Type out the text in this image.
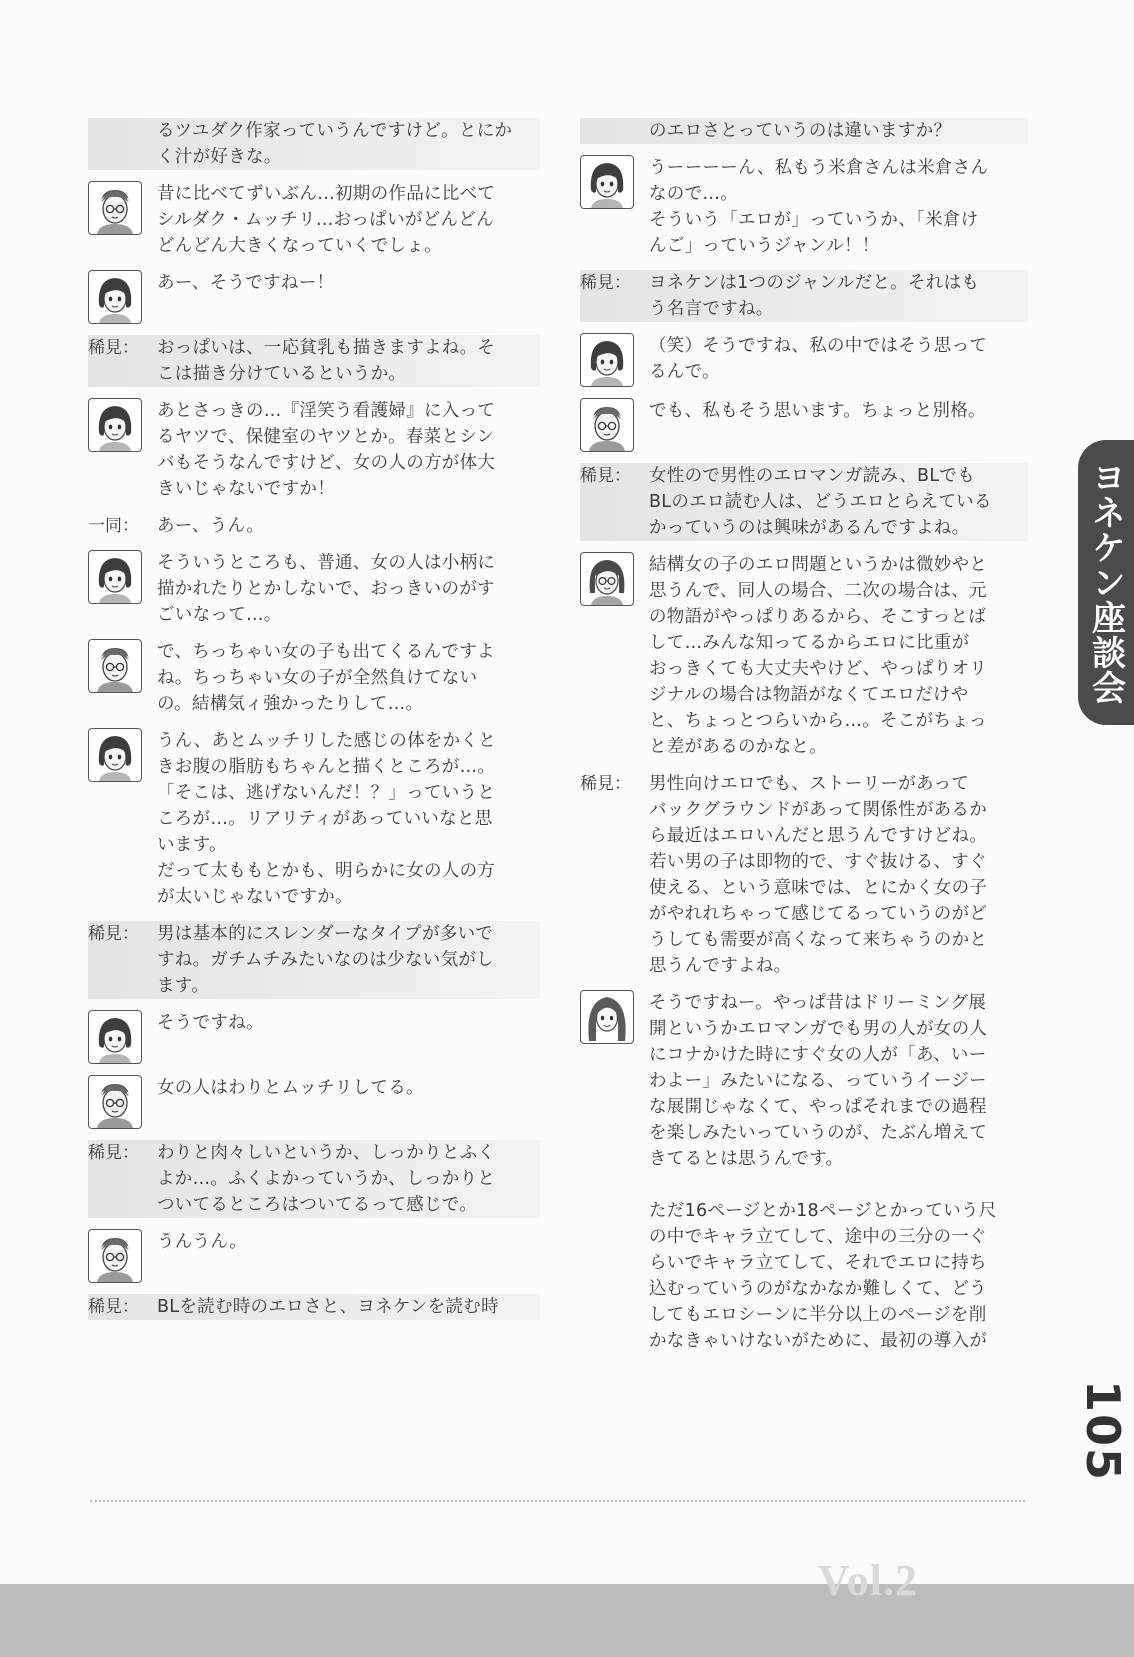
るツユダク作家っていうんですけど。とにか
く汁が好きな。
昔に比べてずいぶん…初期の作品に比べて
シルダク・ムッチリ…おっぱいがどんどん
どんどん大きくなっていくでしょ。
あー、そうですねー！
稀見：	おっぱいは、一応貧乳も描きますよね。そ
こは描き分けているというか。
あとさっきの…『淫笑う看護婦』に入って
るヤツで、保健室のヤツとか。春菜とシン
バもそうなんですけど、女の人の方が体大
きいじゃないですか！
一同：	あー、うん。
そういうところも、普通、女の人は小柄に
描かれたりとかしないで、おっきいのがす
ごいなって…。
で、ちっちゃい女の子も出てくるんですよ
ね。ちっちゃい女の子が全然負けてない
の。結構気ィ強かったりして…。
うん、あとムッチリした感じの体をかくと
きお腹の脂肪もちゃんと描くところが…。
「そこは、逃げないんだ！？」っていうと
ころが…。リアリティがあっていいなと思
います。
だって太ももとかも、明らかに女の人の方
が太いじゃないですか。
稀見：	男は基本的にスレンダーなタイプが多いで
すね。ガチムチみたいなのは少ない気がし
ます。
そうですね。
女の人はわりとムッチリしてる。
稀見：	わりと肉々しいというか、しっかりとふく
よか…。ふくよかっていうか、しっかりと
ついてるところはついてるって感じで。
うんうん。
稀見：	BLを読む時のエロさと、ヨネケンを読む時
のエロさとっていうのは違いますか？
うーーーーん、私もう米倉さんは米倉さん
なので…。
そういう「エロが」っていうか、「米倉け
んご」っていうジャンル！！
稀見：	ヨネケンは1つのジャンルだと。それはも
う名言ですね。
（笑）そうですね、私の中ではそう思って
るんで。
でも、私もそう思います。ちょっと別格。
稀見：	女性ので男性のエロマンガ読み、BLでも
BLのエロ読む人は、どうエロとらえている
かっていうのは興味があるんですよね。
結構女の子のエロ問題というかは微妙やと
思うんで、同人の場合、二次の場合は、元
の物語がやっぱりあるから、そこすっとば
して…みんな知ってるからエロに比重が
おっきくても大丈夫やけど、やっぱりオリ
ジナルの場合は物語がなくてエロだけや
と、ちょっとつらいから…。そこがちょっ
と差があるのかなと。
稀見：	男性向けエロでも、ストーリーがあって
バックグラウンドがあって関係性があるか
ら最近はエロいんだと思うんですけどね。
若い男の子は即物的で、すぐ抜ける、すぐ
使える、という意味では、とにかく女の子
がやれれちゃって感じてるっていうのがど
うしても需要が高くなって来ちゃうのかと
思うんですよね。
そうですねー。やっぱ昔はドリーミング展
開というかエロマンガでも男の人が女の人
にコナかけた時にすぐ女の人が「あ、いー
わよー」みたいになる、っていうイージー
な展開じゃなくて、やっぱそれまでの過程
を楽しみたいっていうのが、たぶん増えて
きてるとは思うんです。
ただ16ページとか18ページとかっていう尺
の中でキャラ立てして、途中の三分の一ぐ
らいでキャラ立てして、それでエロに持ち
込むっていうのがなかなか難しくて、どう
してもエロシーンに半分以上のページを削
かなきゃいけないがために、最初の導入が
ヨネケン座談会
105
Vol.2
